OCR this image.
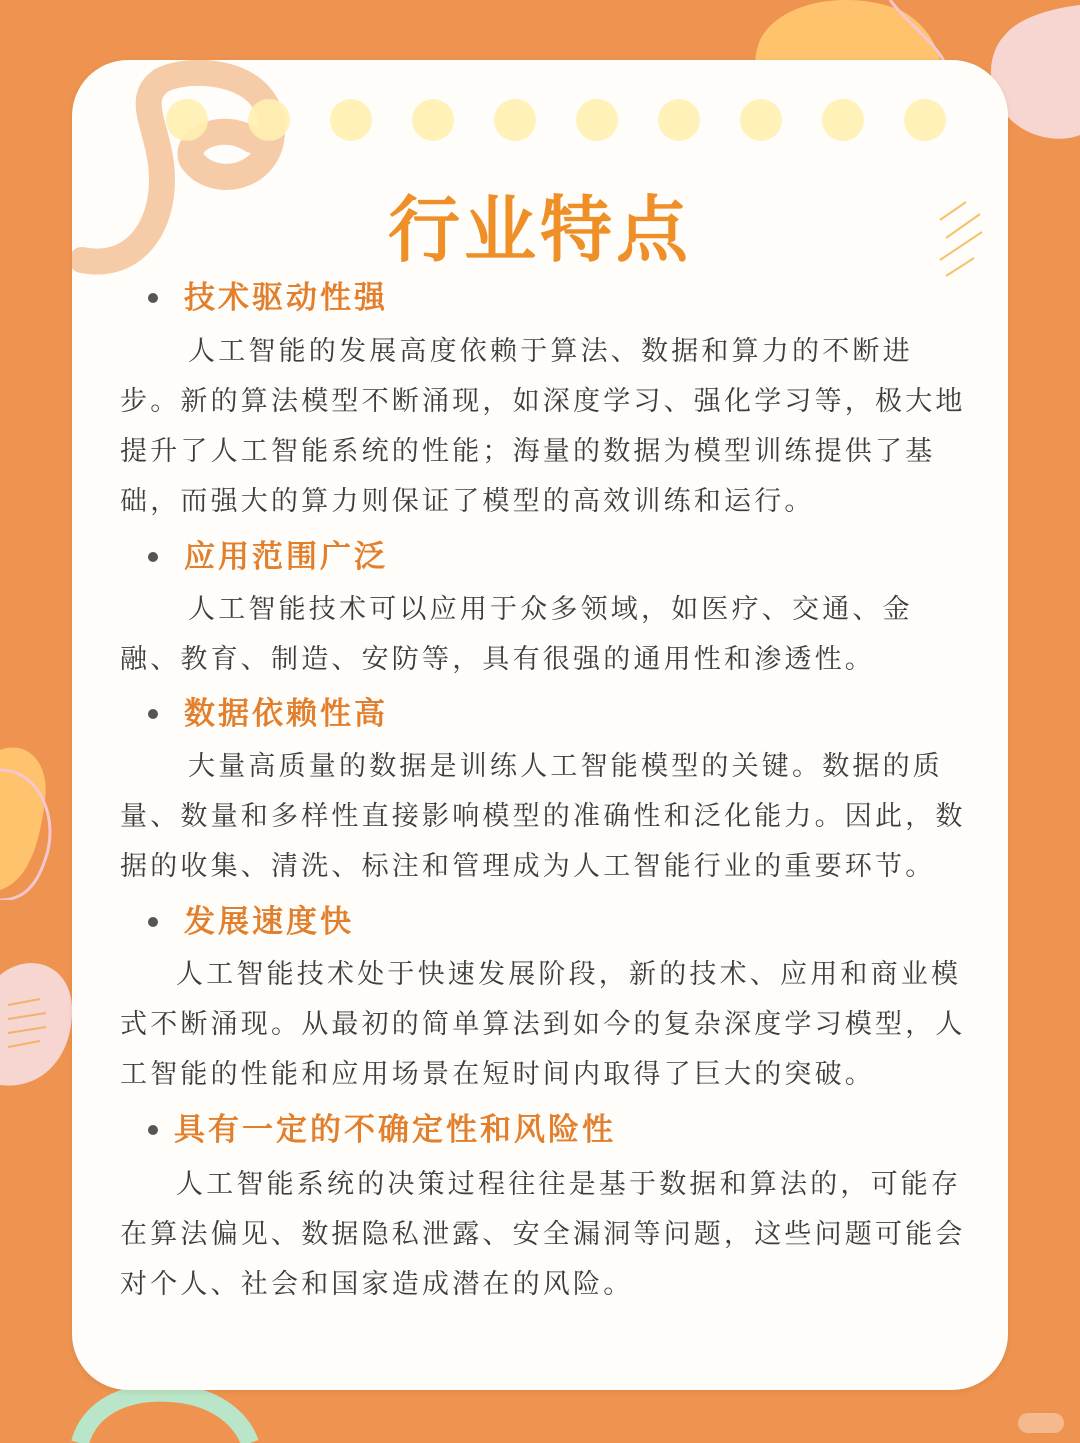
行业特点
技术驱动性强

人工智能的发展高度依赖于算法、数据和算力的不断进步。新的算法模型不断涌现，如深度学习、强化学习等，极大地提升了人工智能系统的性能；海量的数据为模型训练提供了基础，而强大的算力则保证了模型的高效训练和运行。

应用范围广泛

人工智能技术可以应用于众多领域，如医疗、交通、金融、教育、制造、安防等，具有很强的通用性和渗透性。

数据依赖性高

大量高质量的数据是训练人工智能模型的关键。数据的质量、数量和多样性直接影响模型的准确性和泛化能力。因此，数据的收集、清洗、标注和管理成为人工智能行业的重要环节。

发展速度快

人工智能技术处于快速发展阶段，新的技术、应用和商业模式不断涌现。从最初的简单算法到如今的复杂深度学习模型，人工智能的性能和应用场景在短时间内取得了巨大的突破。

具有一定的不确定性和风险性

人工智能系统的决策过程往往是基于数据和算法的，可能存在算法偏见、数据隐私泄露、安全漏洞等问题，这些问题可能会对个人、社会和国家造成潜在的风险。
